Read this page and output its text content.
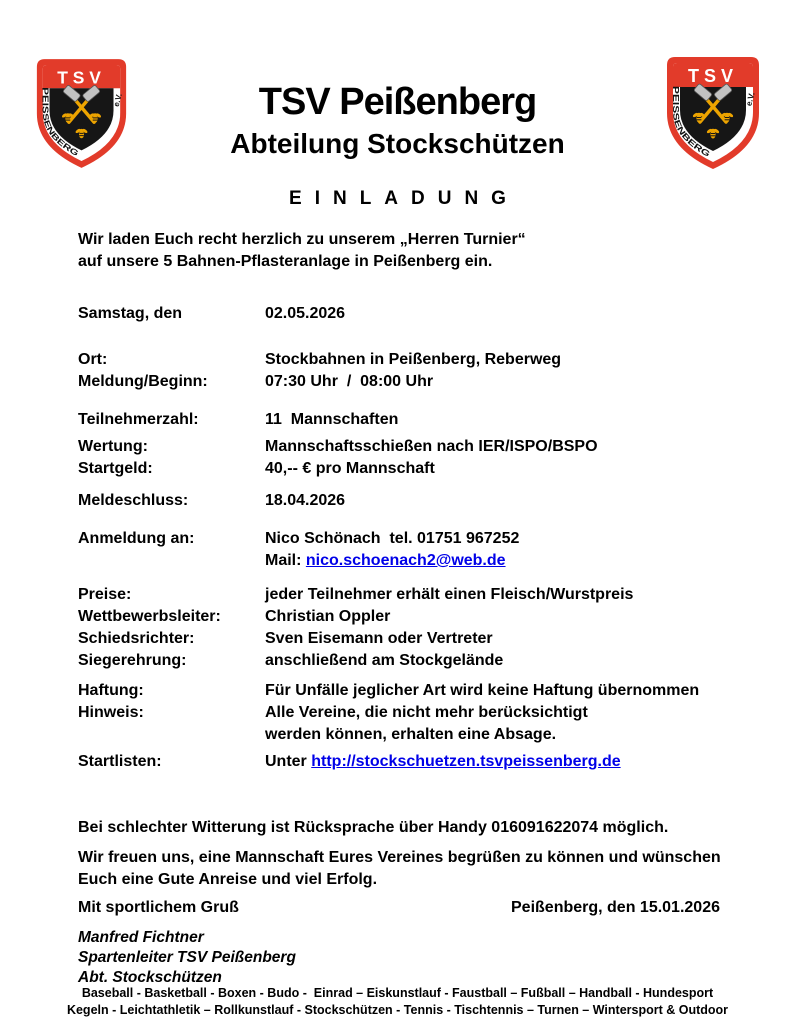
TSV
PEISSENBERG
e.V.
TSV
PEISSENBERG
e.V.
TSV Peißenberg
Abteilung Stockschützen
EINLADUNG
Wir laden Euch recht herzlich zu unserem „Herren Turnier“
auf unsere 5 Bahnen-Pflasteranlage in Peißenberg ein.
Samstag, den	02.05.2026
Ort:	Stockbahnen in Peißenberg, Reberweg
Meldung/Beginn:	07:30 Uhr  /  08:00 Uhr
Teilnehmerzahl:	11  Mannschaften
Wertung:	Mannschaftsschießen nach IER/ISPO/BSPO
Startgeld:	40,-- € pro Mannschaft
Meldeschluss:	18.04.2026
Anmeldung an:	Nico Schönach  tel. 01751 967252
Mail: nico.schoenach2@web.de
Preise:	jeder Teilnehmer erhält einen Fleisch/Wurstpreis
Wettbewerbsleiter:	Christian Oppler
Schiedsrichter:	Sven Eisemann oder Vertreter
Siegerehrung:	anschließend am Stockgelände
Haftung:	Für Unfälle jeglicher Art wird keine Haftung übernommen
Hinweis:	Alle Vereine, die nicht mehr berücksichtigt
werden können, erhalten eine Absage.
Startlisten:	Unter http://stockschuetzen.tsvpeissenberg.de
Bei schlechter Witterung ist Rücksprache über Handy 016091622074 möglich.
Wir freuen uns, eine Mannschaft Eures Vereines begrüßen zu können und wünschen
Euch eine Gute Anreise und viel Erfolg.
Mit sportlichem Gruß	Peißenberg, den 15.01.2026
Manfred Fichtner
Spartenleiter TSV Peißenberg
Abt. Stockschützen
Baseball - Basketball - Boxen - Budo -  Einrad – Eiskunstlauf - Faustball – Fußball – Handball - Hundesport
Kegeln - Leichtathletik – Rollkunstlauf - Stockschützen - Tennis - Tischtennis – Turnen – Wintersport & Outdoor
